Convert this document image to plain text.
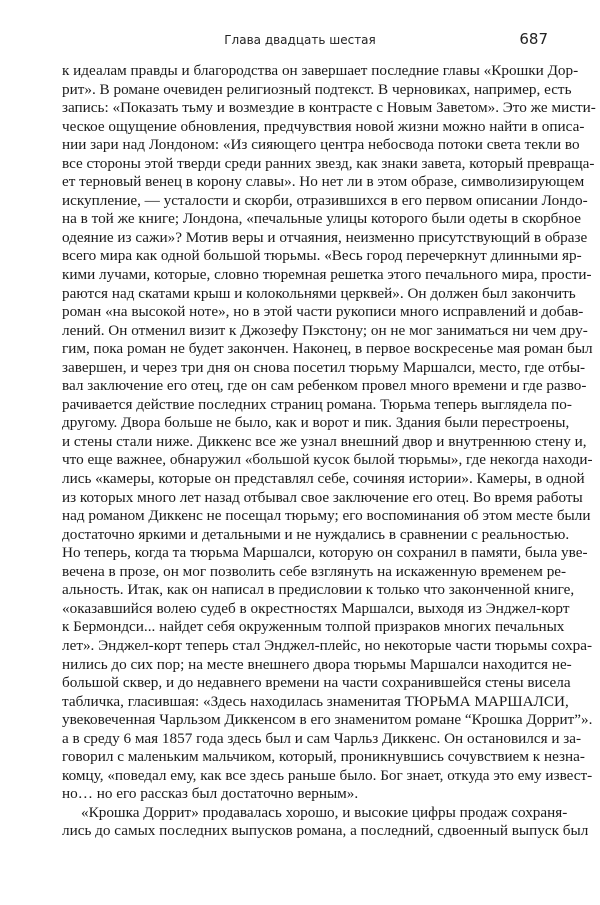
Глава двадцать шестая	687
к идеалам правды и благородства он завершает последние главы «Крошки Дор-
рит». В романе очевиден религиозный подтекст. В черновиках, например, есть
запись: «Показать тьму и возмездие в контрасте с Новым Заветом». Это же мисти-
ческое ощущение обновления, предчувствия новой жизни можно найти в описа-
нии зари над Лондоном: «Из сияющего центра небосвода потоки света текли во
все стороны этой тверди среди ранних звезд, как знаки завета, который превраща-
ет терновый венец в корону славы». Но нет ли в этом образе, символизирующем
искупление, — усталости и скорби, отразившихся в его первом описании Лондо-
на в той же книге; Лондона, «печальные улицы которого были одеты в скорбное
одеяние из сажи»? Мотив веры и отчаяния, неизменно присутствующий в образе
всего мира как одной большой тюрьмы. «Весь город перечеркнут длинными яр-
кими лучами, которые, словно тюремная решетка этого печального мира, прости-
раются над скатами крыш и колокольнями церквей». Он должен был закончить
роман «на высокой ноте», но в этой части рукописи много исправлений и добав-
лений. Он отменил визит к Джозефу Пэкстону; он не мог заниматься ни чем дру-
гим, пока роман не будет закончен. Наконец, в первое воскресенье мая роман был
завершен, и через три дня он снова посетил тюрьму Маршалси, место, где отбы-
вал заключение его отец, где он сам ребенком провел много времени и где разво-
рачивается действие последних страниц романа. Тюрьма теперь выглядела по-
другому. Двора больше не было, как и ворот и пик. Здания были перестроены,
и стены стали ниже. Диккенс все же узнал внешний двор и внутреннюю стену и,
что еще важнее, обнаружил «большой кусок былой тюрьмы», где некогда находи-
лись «камеры, которые он представлял себе, сочиняя истории». Камеры, в одной
из которых много лет назад отбывал свое заключение его отец. Во время работы
над романом Диккенс не посещал тюрьму; его воспоминания об этом месте были
достаточно яркими и детальными и не нуждались в сравнении с реальностью.
Но теперь, когда та тюрьма Маршалси, которую он сохранил в памяти, была уве-
вечена в прозе, он мог позволить себе взглянуть на искаженную временем ре-
альность. Итак, как он написал в предисловии к только что законченной книге,
«оказавшийся волею судеб в окрестностях Маршалси, выходя из Энджел-корт
к Бермондси... найдет себя окруженным толпой призраков многих печальных
лет». Энджел-корт теперь стал Энджел-плейс, но некоторые части тюрьмы сохра-
нились до сих пор; на месте внешнего двора тюрьмы Маршалси находится не-
большой сквер, и до недавнего времени на части сохранившейся стены висела
табличка, гласившая: «Здесь находилась знаменитая ТЮРЬМА МАРШАЛСИ,
увековеченная Чарльзом Диккенсом в его знаменитом романе “Крошка Доррит”».
а в среду 6 мая 1857 года здесь был и сам Чарльз Диккенс. Он остановился и за-
говорил с маленьким мальчиком, который, проникнувшись сочувствием к незна-
комцу, «поведал ему, как все здесь раньше было. Бог знает, откуда это ему извест-
но… но его рассказ был достаточно верным».
«Крошка Доррит» продавалась хорошо, и высокие цифры продаж сохраня-
лись до самых последних выпусков романа, а последний, сдвоенный выпуск был
